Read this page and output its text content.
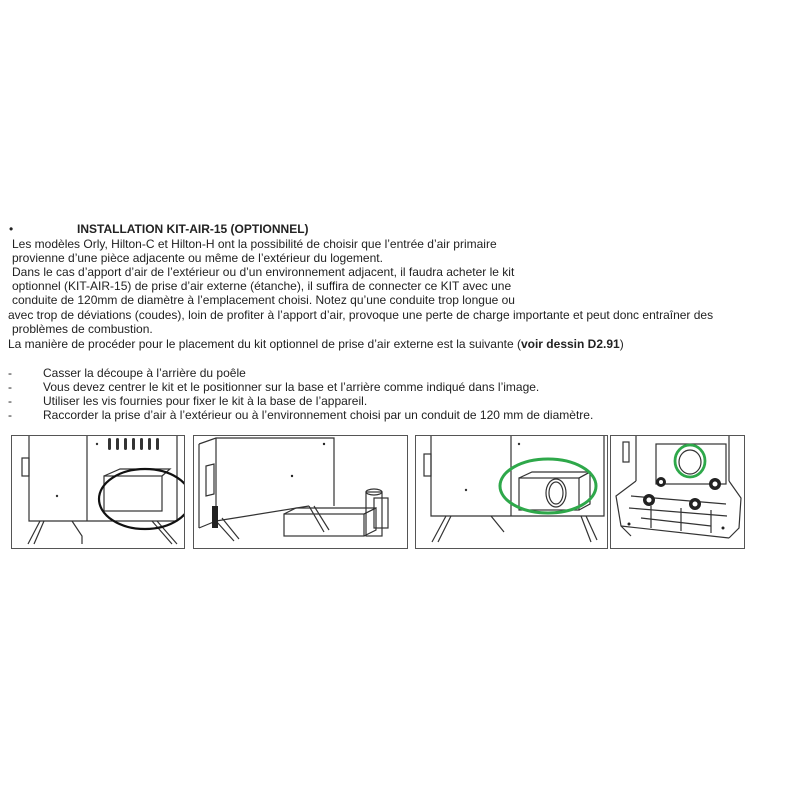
•	INSTALLATION KIT-AIR-15 (OPTIONNEL)
Les modèles Orly, Hilton-C et Hilton-H ont la possibilité de choisir que l’entrée d’air primaire
provienne d’une pièce adjacente ou même de l’extérieur du logement.
Dans le cas d’apport d’air de l’extérieur ou d’un environnement adjacent, il faudra acheter le kit
optionnel (KIT-AIR-15) de prise d’air externe (étanche), il suffira de connecter ce KIT avec une
conduite de 120mm de diamètre à l’emplacement choisi. Notez qu’une conduite trop longue ou
avec trop de déviations (coudes), loin de profiter à l’apport d’air, provoque une perte de charge importante et peut donc entraîner des
problèmes de combustion.
La manière de procéder pour le placement du kit optionnel de prise d’air externe est la suivante (voir dessin D2.91)
-	Casser la découpe à l’arrière du poêle
-	Vous devez centrer le kit et le positionner sur la base et l’arrière comme indiqué dans l’image.
-	Utiliser les vis fournies pour fixer le kit à la base de l’appareil.
-	Raccorder la prise d’air à l’extérieur ou à l’environnement choisi par un conduit de 120 mm de diamètre.
